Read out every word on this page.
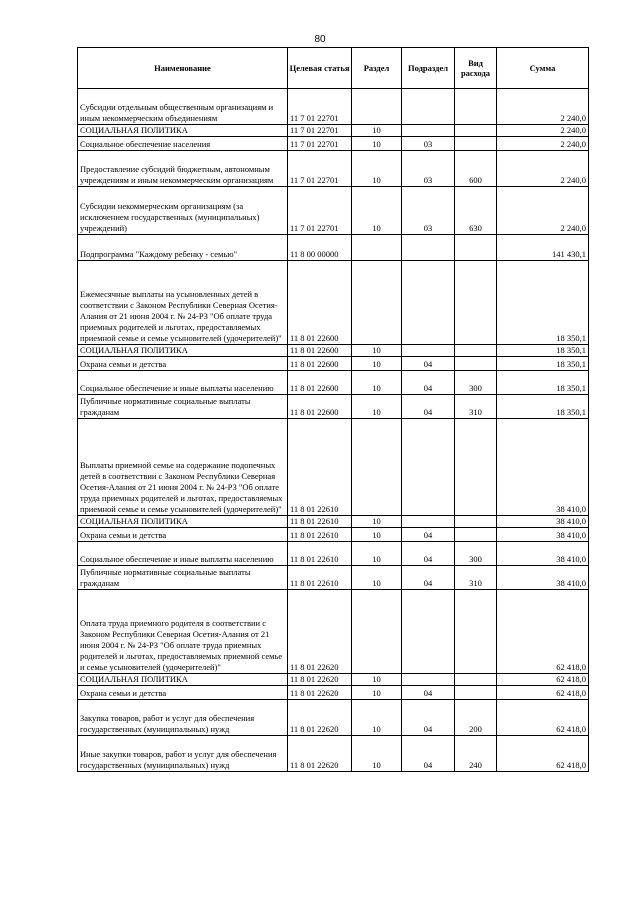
80
Наименование	Целевая статья	Раздел	Подраздел	Вид расхода	Сумма
Субсидии отдельным общественным организациям и иным некоммерческим объединениям	11 7 01 22701				2 240,0
СОЦИАЛЬНАЯ ПОЛИТИКА	11 7 01 22701	10			2 240,0
Социальное обеспечение населения	11 7 01 22701	10	03		2 240,0
Предоставление субсидий бюджетным, автономным учреждениям и иным некоммерческим организациям	11 7 01 22701	10	03	600	2 240,0
Субсидии некоммерческим организациям (за исключением государственных (муниципальных) учреждений)	11 7 01 22701	10	03	630	2 240,0
Подпрограмма "Каждому ребенку - семью"	11 8 00 00000				141 430,1
Ежемесячные выплаты на усыновленных детей в соответствии с Законом Республики Северная Осетия-Алания от 21 июня 2004 г. № 24-РЗ "Об оплате труда приемных родителей и льготах, предоставляемых приемной семье и семье усыновителей (удочерителей)"	11 8 01 22600				18 350,1
СОЦИАЛЬНАЯ ПОЛИТИКА	11 8 01 22600	10			18 350,1
Охрана семьи и детства	11 8 01 22600	10	04		18 350,1
Социальное обеспечение и иные выплаты населению	11 8 01 22600	10	04	300	18 350,1
Публичные нормативные социальные выплаты гражданам	11 8 01 22600	10	04	310	18 350,1
Выплаты приемной семье на содержание подопечных детей в соответствии с Законом Республики Северная Осетия-Алания от 21 июня 2004 г. № 24-РЗ "Об оплате труда приемных родителей и льготах, предоставляемых приемной семье и семье усыновителей (удочерителей)"	11 8 01 22610				38 410,0
СОЦИАЛЬНАЯ ПОЛИТИКА	11 8 01 22610	10			38 410,0
Охрана семьи и детства	11 8 01 22610	10	04		38 410,0
Социальное обеспечение и иные выплаты населению	11 8 01 22610	10	04	300	38 410,0
Публичные нормативные социальные выплаты гражданам	11 8 01 22610	10	04	310	38 410,0
Оплата труда приемного родителя в соответствии с Законом Республики Северная Осетия-Алания от 21 июня 2004 г. № 24-РЗ "Об оплате труда приемных родителей и льготах, предоставляемых приемной семье и семье усыновителей (удочерителей)"	11 8 01 22620				62 418,0
СОЦИАЛЬНАЯ ПОЛИТИКА	11 8 01 22620	10			62 418,0
Охрана семьи и детства	11 8 01 22620	10	04		62 418,0
Закупка товаров, работ и услуг для обеспечения государственных (муниципальных) нужд	11 8 01 22620	10	04	200	62 418,0
Иные закупки товаров, работ и услуг для обеспечения государственных (муниципальных) нужд	11 8 01 22620	10	04	240	62 418,0
